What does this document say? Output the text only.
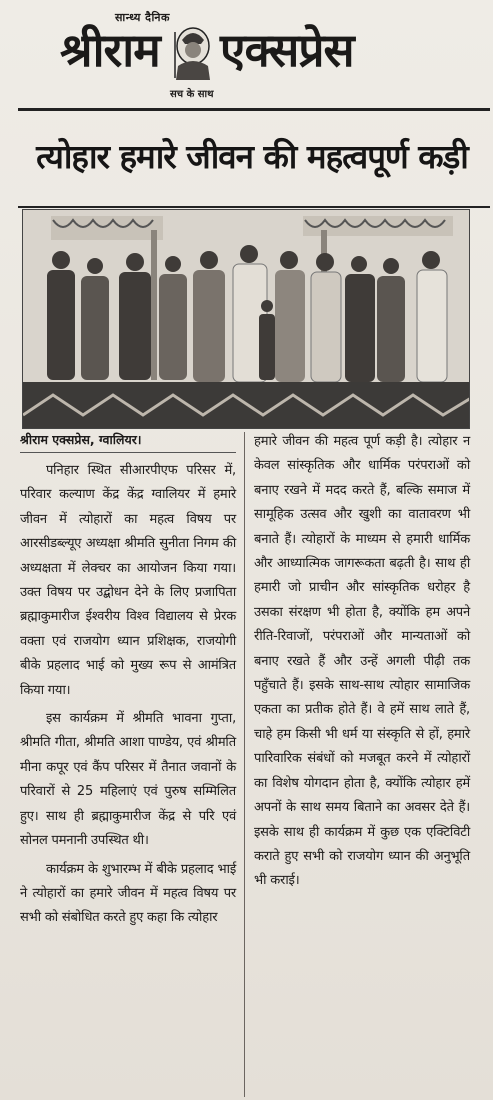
सान्ध्य दैनिक
श्रीराम एक्सप्रेस
सच के साथ
त्योहार हमारे जीवन की महत्वपूर्ण कड़ी
श्रीराम एक्सप्रेस, ग्वालियर।

पनिहार स्थित सीआरपीएफ परिसर में, परिवार कल्याण केंद्र केंद्र ग्वालियर में हमारे जीवन में त्योहारों का महत्व विषय पर आरसीडब्ल्यूए अध्यक्षा श्रीमति सुनीता निगम की अध्यक्षता में लेक्चर का आयोजन किया गया। उक्त विषय पर उद्बोधन देने के लिए प्रजापिता ब्रह्माकुमारीज ईश्वरीय विश्व विद्यालय से प्रेरक वक्ता एवं राजयोग ध्यान प्रशिक्षक, राजयोगी बीके प्रहलाद भाई को मुख्य रूप से आमंत्रित किया गया।

इस कार्यक्रम में श्रीमति भावना गुप्ता, श्रीमति गीता, श्रीमति आशा पाण्डेय, एवं श्रीमति मीना कपूर एवं कैंप परिसर में तैनात जवानों के परिवारों से 25 महिलाएं एवं पुरुष सम्मिलित हुए। साथ ही ब्रह्माकुमारीज केंद्र से परि एवं सोनल पमनानी उपस्थित थी।

कार्यक्रम के शुभारम्भ में बीके प्रहलाद भाई ने त्योहारों का हमारे जीवन में महत्व विषय पर सभी को संबोधित करते हुए कहा कि त्योहार

हमारे जीवन की महत्व पूर्ण कड़ी है। त्योहार न केवल सांस्कृतिक और धार्मिक परंपराओं को बनाए रखने में मदद करते हैं, बल्कि समाज में सामूहिक उत्सव और खुशी का वातावरण भी बनाते हैं। त्योहारों के माध्यम से हमारी धार्मिक और आध्यात्मिक जागरूकता बढ़ती है। साथ ही हमारी जो प्राचीन और सांस्कृतिक धरोहर है उसका संरक्षण भी होता है, क्योंकि हम अपने रीति-रिवाजों, परंपराओं और मान्यताओं को बनाए रखते हैं और उन्हें अगली पीढ़ी तक पहुँचाते हैं। इसके साथ-साथ त्योहार सामाजिक एकता का प्रतीक होते हैं। वे हमें साथ लाते हैं, चाहे हम किसी भी धर्म या संस्कृति से हों, हमारे पारिवारिक संबंधों को मजबूत करने में त्योहारों का विशेष योगदान होता है, क्योंकि त्योहार हमें अपनों के साथ समय बिताने का अवसर देते हैं। इसके साथ ही कार्यक्रम में कुछ एक एक्टिविटी कराते हुए सभी को राजयोग ध्यान की अनुभूति भी कराई।
